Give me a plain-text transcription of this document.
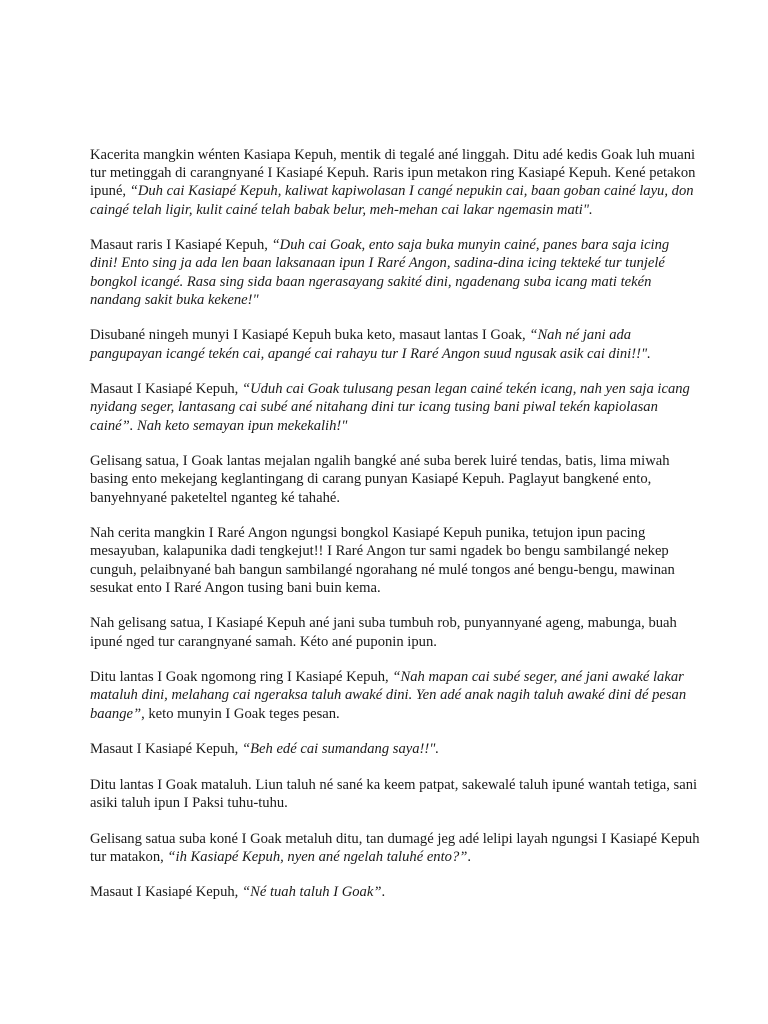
Kacerita mangkin wénten Kasiapa Kepuh, mentik di tegalé ané linggah. Ditu adé kedis Goak luh muani tur metinggah di carangnyané I Kasiapé Kepuh. Raris ipun metakon ring Kasiapé Kepuh. Kené petakon ipuné, “Duh cai Kasiapé Kepuh, kaliwat kapiwolasan I cangé nepukin cai, baan goban cainé layu, don caingé telah ligir, kulit cainé telah babak belur, meh-mehan cai lakar ngemasin mati".

Masaut raris I Kasiapé Kepuh, “Duh cai Goak, ento saja buka munyin cainé, panes bara saja icing dini! Ento sing ja ada len baan laksanaan ipun I Raré Angon, sadina-dina icing tekteké tur tunjelé bongkol icangé. Rasa sing sida baan ngerasayang sakité dini, ngadenang suba icang mati tekén nandang sakit buka kekene!"

Disubané ningeh munyi I Kasiapé Kepuh buka keto, masaut lantas I Goak, “Nah né jani ada pangupayan icangé tekén cai, apangé cai rahayu tur I Raré Angon suud ngusak asik cai dini!!".

Masaut I Kasiapé Kepuh, “Uduh cai Goak tulusang pesan legan cainé tekén icang, nah yen saja icang nyidang seger, lantasang cai subé ané nitahang dini tur icang tusing bani piwal tekén kapiolasan cainé”. Nah keto semayan ipun mekekalih!"

Gelisang satua, I Goak lantas mejalan ngalih bangké ané suba berek luiré tendas, batis, lima miwah basing ento mekejang keglantingang di carang punyan Kasiapé Kepuh. Paglayut bangkené ento, banyehnyané paketeltel nganteg ké tahahé.

Nah cerita mangkin I Raré Angon ngungsi bongkol Kasiapé Kepuh punika, tetujon ipun pacing mesayuban, kalapunika dadi tengkejut!! I Raré Angon tur sami ngadek bo bengu sambilangé nekep cunguh, pelaibnyané bah bangun sambilangé ngorahang né mulé tongos ané bengu-bengu, mawinan sesukat ento I Raré Angon tusing bani buin kema.

Nah gelisang satua, I Kasiapé Kepuh ané jani suba tumbuh rob, punyannyané ageng, mabunga, buah ipuné nged tur carangnyané samah. Kéto ané puponin ipun.

Ditu lantas I Goak ngomong ring I Kasiapé Kepuh, “Nah mapan cai subé seger, ané jani awaké lakar mataluh dini, melahang cai ngeraksa taluh awaké dini. Yen adé anak nagih taluh awaké dini dé pesan baange”, keto munyin I Goak teges pesan.

Masaut I Kasiapé Kepuh, “Beh edé cai sumandang saya!!".

Ditu lantas I Goak mataluh. Liun taluh né sané ka keem patpat, sakewalé taluh ipuné wantah tetiga, sani asiki taluh ipun I Paksi tuhu-tuhu.

Gelisang satua suba koné I Goak metaluh ditu, tan dumagé jeg adé lelipi layah ngungsi I Kasiapé Kepuh tur matakon, “ih Kasiapé Kepuh, nyen ané ngelah taluhé ento?”.

Masaut I Kasiapé Kepuh, “Né tuah taluh I Goak”.
